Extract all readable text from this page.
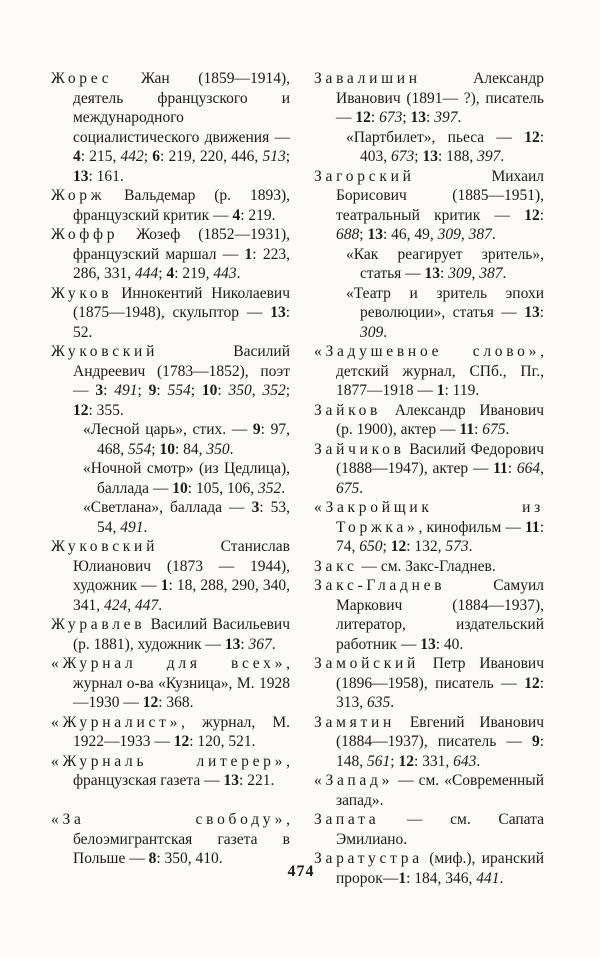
Жорес Жан (1859—1914), деятель французского и международного социалистического движения — 4: 215, 442; 6: 219, 220, 446, 513; 13: 161.

Жорж Вальдемар (р. 1893), французский критик — 4: 219.

Жоффр Жозеф (1852—1931), французский маршал — 1: 223, 286, 331, 444; 4: 219, 443.

Жуков Иннокентий Николаевич (1875—1948), скульптор — 13: 52.

Жуковский Василий Андреевич (1783—1852), поэт — 3: 491; 9: 554; 10: 350, 352; 12: 355.

«Лесной царь», стих. — 9: 97, 468, 554; 10: 84, 350.

«Ночной смотр» (из Цедлица), баллада — 10: 105, 106, 352.

«Светлана», баллада — 3: 53, 54, 491.

Жуковский Станислав Юлианович (1873 — 1944), художник — 1: 18, 288, 290, 340, 341, 424, 447.

Журавлев Василий Васильевич (р. 1881), художник — 13: 367.

«Журнал для всех», журнал о-ва «Кузница», М. 1928—1930 — 12: 368.

«Журналист», журнал, М. 1922—1933 — 12: 120, 521.

«Журналь литерер», французская газета — 13: 221.

«За свободу», белоэмигрантская газета в Польше — 8: 350, 410.

Завалишин Александр Иванович (1891— ?), писатель — 12: 673; 13: 397.

«Партбилет», пьеса — 12: 403, 673; 13: 188, 397.

Загорский Михаил Борисович (1885—1951), театральный критик — 12: 688; 13: 46, 49, 309, 387.

«Как реагирует зритель», статья — 13: 309, 387.

«Театр и зритель эпохи революции», статья — 13: 309.

«Задушевное слово», детский журнал, СПб., Пг., 1877—1918 — 1: 119.

Зайков Александр Иванович (р. 1900), актер — 11: 675.

Зайчиков Василий Федорович (1888—1947), актер — 11: 664, 675.

«Закройщик из Торжка», кинофильм — 11: 74, 650; 12: 132, 573.

Закс — см. Закс-Гладнев.

Закс-Гладнев Самуил Маркович (1884—1937), литератор, издательский работник — 13: 40.

Замойский Петр Иванович (1896—1958), писатель — 12: 313, 635.

Замятин Евгений Иванович (1884—1937), писатель — 9: 148, 561; 12: 331, 643.

«Запад» — см. «Современный запад».

Запата — см. Сапата Эмилиано.

Заратустра (миф.), иранский пророк—1: 184, 346, 441.

474
